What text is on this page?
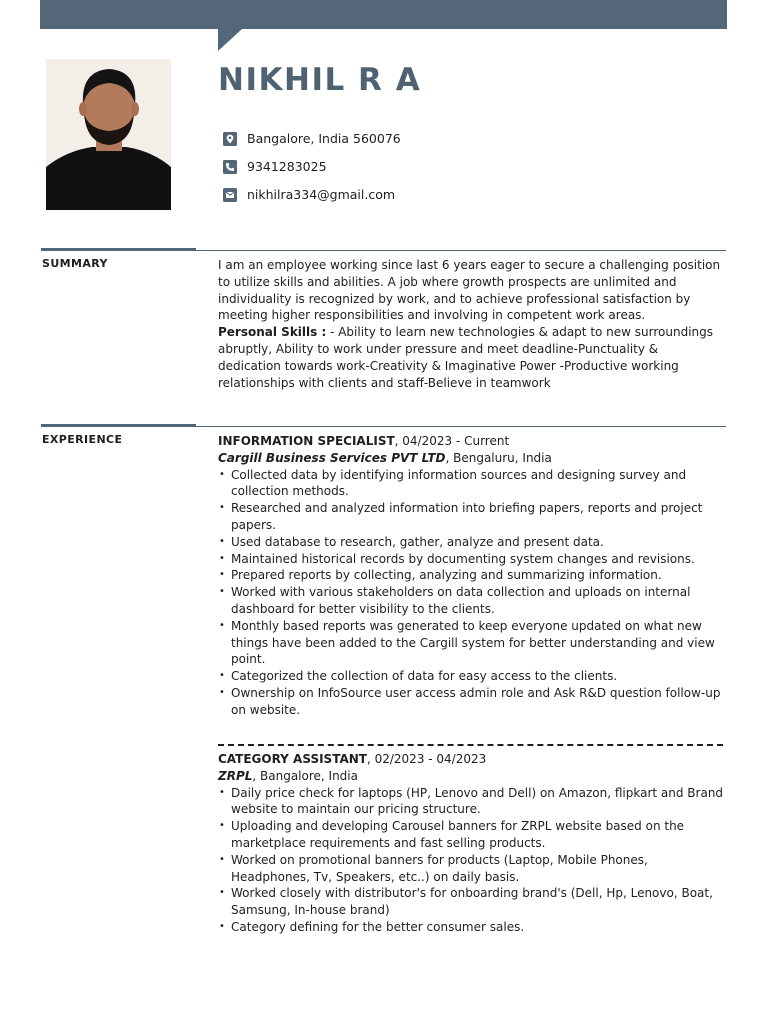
NIKHIL R A
Bangalore, India 560076
9341283025
nikhilra334@gmail.com
SUMMARY	I am an employee working since last 6 years eager to secure a challenging position to utilize skills and abilities. A job where growth prospects are unlimited and individuality is recognized by work, and to achieve professional satisfaction by meeting higher responsibilities and involving in competent work areas.

Personal Skills : - Ability to learn new technologies & adapt to new surroundings abruptly, Ability to work under pressure and meet deadline-Punctuality & dedication towards work-Creativity & Imaginative Power -Productive working relationships with clients and staff-Believe in teamwork

EXPERIENCE	INFORMATION SPECIALIST, 04/2023 - Current

Cargill Business Services PVT LTD, Bengaluru, India

• Collected data by identifying information sources and designing survey and collection methods.
• Researched and analyzed information into briefing papers, reports and project papers.
• Used database to research, gather, analyze and present data.
• Maintained historical records by documenting system changes and revisions.
• Prepared reports by collecting, analyzing and summarizing information.
• Worked with various stakeholders on data collection and uploads on internal dashboard for better visibility to the clients.
• Monthly based reports was generated to keep everyone updated on what new things have been added to the Cargill system for better understanding and view point.
• Categorized the collection of data for easy access to the clients.
• Ownership on InfoSource user access admin role and Ask R&D question follow-up on website.

CATEGORY ASSISTANT, 02/2023 - 04/2023

ZRPL, Bangalore, India

• Daily price check for laptops (HP, Lenovo and Dell) on Amazon, flipkart and Brand website to maintain our pricing structure.
• Uploading and developing Carousel banners for ZRPL website based on the marketplace requirements and fast selling products.
• Worked on promotional banners for products (Laptop, Mobile Phones, Headphones, Tv, Speakers, etc..) on daily basis.
• Worked closely with distributor's for onboarding brand's (Dell, Hp, Lenovo, Boat, Samsung, In-house brand)
• Category defining for the better consumer sales.
